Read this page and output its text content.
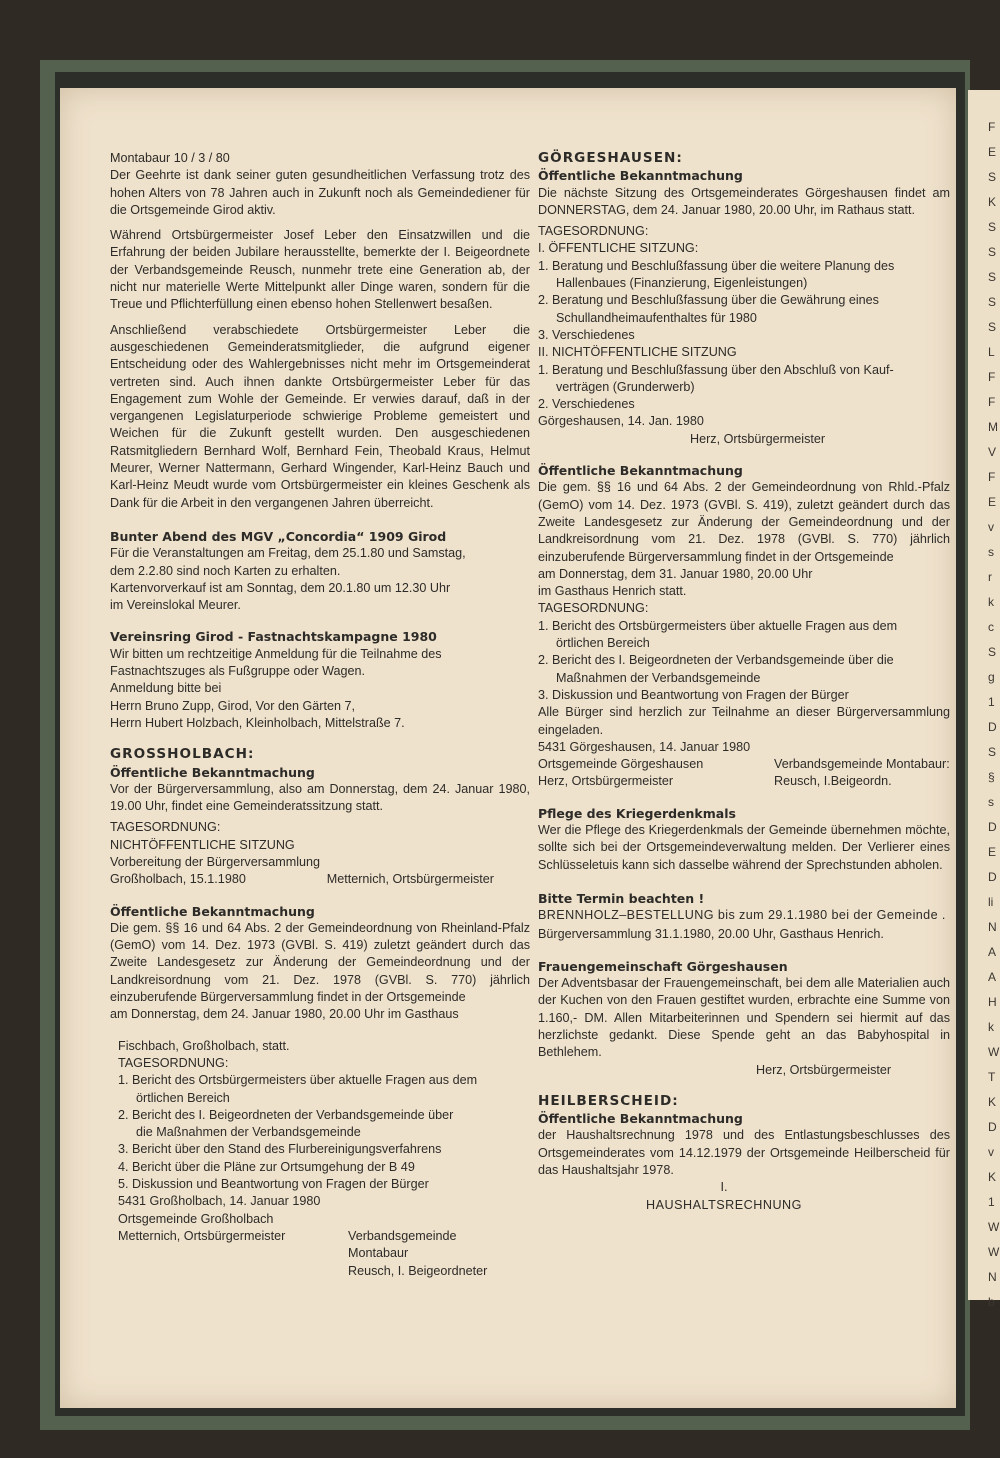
F
E
S
K
S
S
S
S
S
L
F
F
M
V
F
E
v
s
r
k
c
S
g
1
D
S
§
s
D
E
D
li
N
A
A
H
k
W
T
K
D
v
K
1
W
W
N
b

Montabaur 10 / 3 / 80

Der Geehrte ist dank seiner guten gesundheitlichen Verfassung trotz des hohen Alters von 78 Jahren auch in Zukunft noch als Gemeindediener für die Ortsgemeinde Girod aktiv.

Während Ortsbürgermeister Josef Leber den Einsatzwillen und die Erfahrung der beiden Jubilare herausstellte, bemerkte der I. Beigeordnete der Verbandsgemeinde Reusch, nunmehr trete eine Generation ab, der nicht nur materielle Werte Mittelpunkt aller Dinge waren, sondern für die Treue und Pflichterfüllung einen ebenso hohen Stellenwert besaßen.

Anschließend verabschiedete Ortsbürgermeister Leber die ausgeschiedenen Gemeinderatsmitglieder, die aufgrund eigener Entscheidung oder des Wahlergebnisses nicht mehr im Ortsgemeinderat vertreten sind. Auch ihnen dankte Ortsbürgermeister Leber für das Engagement zum Wohle der Gemeinde. Er verwies darauf, daß in der vergangenen Legislaturperiode schwierige Probleme gemeistert und Weichen für die Zukunft gestellt wurden. Den ausgeschiedenen Ratsmitgliedern Bernhard Wolf, Bernhard Fein, Theobald Kraus, Helmut Meurer, Werner Nattermann, Gerhard Wingender, Karl-Heinz Bauch und Karl-Heinz Meudt wurde vom Ortsbürgermeister ein kleines Geschenk als Dank für die Arbeit in den vergangenen Jahren überreicht.

Bunter Abend des MGV „Concordia“ 1909 Girod

Für die Veranstaltungen am Freitag, dem 25.1.80 und Samstag,

dem 2.2.80 sind noch Karten zu erhalten.

Kartenvorverkauf ist am Sonntag, dem 20.1.80 um 12.30 Uhr

im Vereinslokal Meurer.

Vereinsring Girod - Fastnachtskampagne 1980

Wir bitten um rechtzeitige Anmeldung für die Teilnahme des

Fastnachtszuges als Fußgruppe oder Wagen.

Anmeldung bitte bei

Herrn Bruno Zupp, Girod, Vor den Gärten 7,

Herrn Hubert Holzbach, Kleinholbach, Mittelstraße 7.

GROSSHOLBACH:

Öffentliche Bekanntmachung

Vor der Bürgerversammlung, also am Donnerstag, dem 24. Januar 1980, 19.00 Uhr, findet eine Gemeinderatssitzung statt.

TAGESORDNUNG:

NICHTÖFFENTLICHE SITZUNG

Vorbereitung der Bürgerversammlung

Großholbach, 15.1.1980	Metternich, Ortsbürgermeister

Öffentliche Bekanntmachung

Die gem. §§ 16 und 64 Abs. 2 der Gemeindeordnung von Rheinland-Pfalz (GemO) vom 14. Dez. 1973 (GVBl. S. 419) zuletzt geändert durch das Zweite Landesgesetz zur Änderung der Gemeindeordnung und der Landkreisordnung vom 21. Dez. 1978 (GVBl. S. 770) jährlich einzuberufende Bürgerversammlung findet in der Ortsgemeinde

am Donnerstag, dem 24. Januar 1980, 20.00 Uhr im Gasthaus

Fischbach, Großholbach, statt.

TAGESORDNUNG:

1. Bericht des Ortsbürgermeisters über aktuelle Fragen aus dem

örtlichen Bereich

2. Bericht des I. Beigeordneten der Verbandsgemeinde über

die Maßnahmen der Verbandsgemeinde

3. Bericht über den Stand des Flurbereinigungsverfahrens

4. Bericht über die Pläne zur Ortsumgehung der B 49

5. Diskussion und Beantwortung von Fragen der Bürger

5431 Großholbach, 14. Januar 1980

Ortsgemeinde Großholbach

Metternich, Ortsbürgermeister	Verbandsgemeinde
Montabaur
Reusch, I. Beigeordneter

GÖRGESHAUSEN:

Öffentliche Bekanntmachung

Die nächste Sitzung des Ortsgemeinderates Görgeshausen findet am DONNERSTAG, dem 24. Januar 1980, 20.00 Uhr, im Rathaus statt.

TAGESORDNUNG:

I. ÖFFENTLICHE SITZUNG:

1. Beratung und Beschlußfassung über die weitere Planung des

Hallenbaues (Finanzierung, Eigenleistungen)

2. Beratung und Beschlußfassung über die Gewährung eines

Schullandheimaufenthaltes für 1980

3. Verschiedenes

II. NICHTÖFFENTLICHE SITZUNG

1. Beratung und Beschlußfassung über den Abschluß von Kauf-

verträgen (Grunderwerb)

2. Verschiedenes

Görgeshausen, 14. Jan. 1980

Herz, Ortsbürgermeister

Öffentliche Bekanntmachung

Die gem. §§ 16 und 64 Abs. 2 der Gemeindeordnung von Rhld.-Pfalz (GemO) vom 14. Dez. 1973 (GVBl. S. 419), zuletzt geändert durch das Zweite Landesgesetz zur Änderung der Gemeindeordnung und der Landkreisordnung vom 21. Dez. 1978 (GVBl. S. 770) jährlich einzuberufende Bürgerversammlung findet in der Ortsgemeinde

am Donnerstag, dem 31. Januar 1980, 20.00 Uhr

im Gasthaus Henrich statt.

TAGESORDNUNG:

1. Bericht des Ortsbürgermeisters über aktuelle Fragen aus dem

örtlichen Bereich

2. Bericht des I. Beigeordneten der Verbandsgemeinde über die

Maßnahmen der Verbandsgemeinde

3. Diskussion und Beantwortung von Fragen der Bürger

Alle Bürger sind herzlich zur Teilnahme an dieser Bürgerversammlung eingeladen.

5431 Görgeshausen, 14. Januar 1980

Ortsgemeinde Görgeshausen
Herz, Ortsbürgermeister
Verbandsgemeinde Montabaur: Reusch, I.Beigeordn.

Pflege des Kriegerdenkmals

Wer die Pflege des Kriegerdenkmals der Gemeinde übernehmen möchte, sollte sich bei der Ortsgemeindeverwaltung melden. Der Verlierer eines Schlüsseletuis kann sich dasselbe während der Sprechstunden abholen.

Bitte Termin beachten !

BRENNHOLZ–BESTELLUNG bis zum 29.1.1980 bei der Gemeinde .

Bürgerversammlung 31.1.1980, 20.00 Uhr, Gasthaus Henrich.

Frauengemeinschaft Görgeshausen

Der Adventsbasar der Frauengemeinschaft, bei dem alle Materialien auch der Kuchen von den Frauen gestiftet wurden, erbrachte eine Summe von 1.160,- DM. Allen Mitarbeiterinnen und Spendern sei hiermit auf das herzlichste gedankt. Diese Spende geht an das Babyhospital in Bethlehem.

Herz, Ortsbürgermeister

HEILBERSCHEID:

Öffentliche Bekanntmachung

der Haushaltsrechnung 1978 und des Entlastungsbeschlusses des Ortsgemeinderates vom 14.12.1979 der Ortsgemeinde Heilberscheid für das Haushaltsjahr 1978.

I.

HAUSHALTSRECHNUNG
